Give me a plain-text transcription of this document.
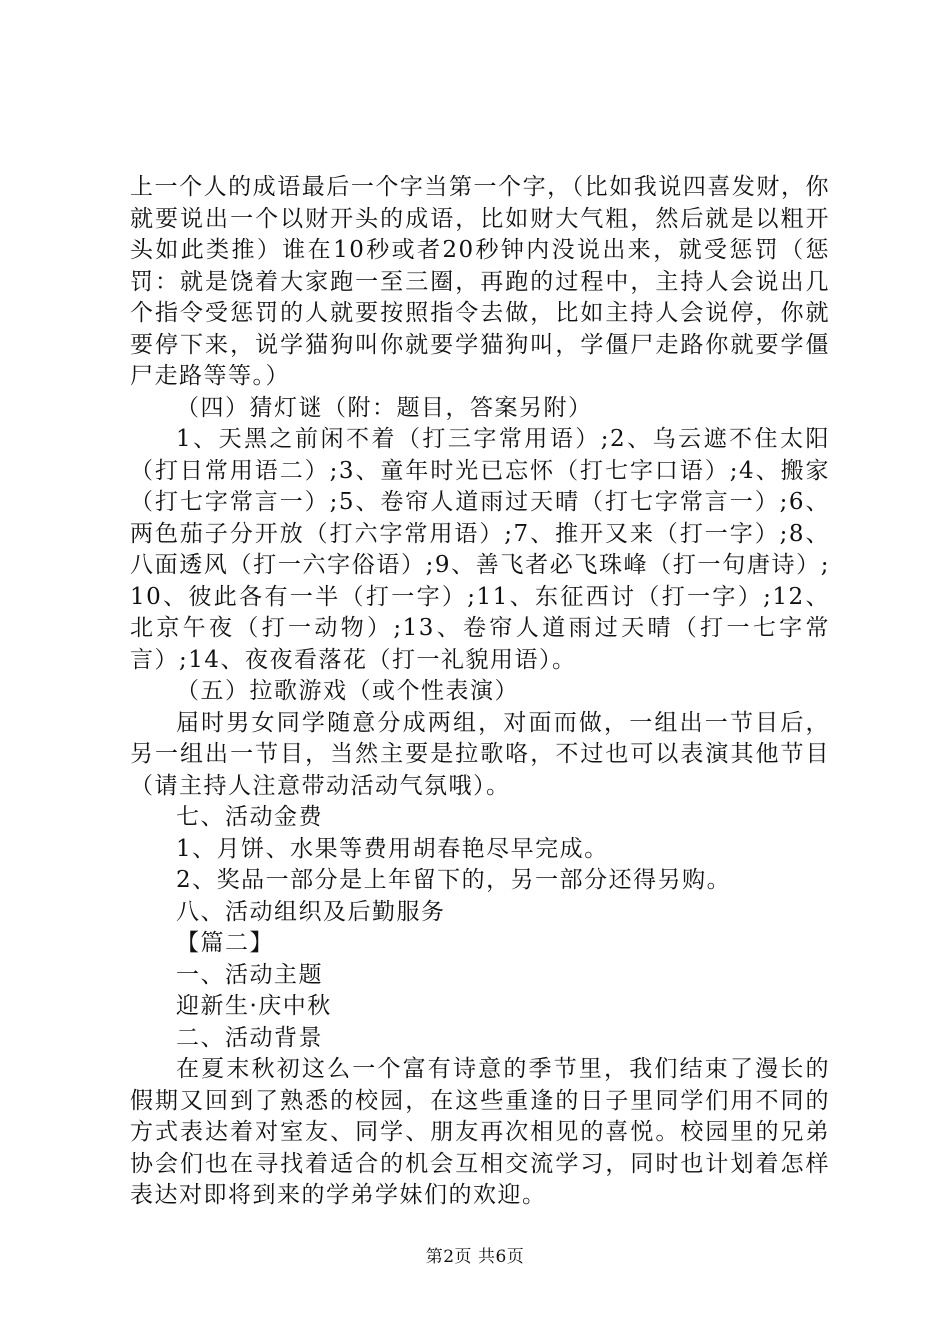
上一个人的成语最后一个字当第一个字，（比如我说四喜发财，你就要说出一个以财开头的成语，比如财大气粗，然后就是以粗开头如此类推）谁在10秒或者20秒钟内没说出来，就受惩罚（惩罚：就是饶着大家跑一至三圈，再跑的过程中，主持人会说出几个指令受惩罚的人就要按照指令去做，比如主持人会说停，你就要停下来，说学猫狗叫你就要学猫狗叫，学僵尸走路你就要学僵尸走路等等。）

（四）猜灯谜（附：题目，答案另附）

1、天黑之前闲不着（打三字常用语）;2、乌云遮不住太阳（打日常用语二）;3、童年时光已忘怀（打七字口语）;4、搬家（打七字常言一）;5、卷帘人道雨过天晴（打七字常言一）;6、两色茄子分开放（打六字常用语）;7、推开又来（打一字）;8、八面透风（打一六字俗语）;9、善飞者必飞珠峰（打一句唐诗）;10、彼此各有一半（打一字）;11、东征西讨（打一字）;12、北京午夜（打一动物）;13、卷帘人道雨过天晴（打一七字常言）;14、夜夜看落花（打一礼貌用语）。

（五）拉歌游戏（或个性表演）

届时男女同学随意分成两组，对面而做，一组出一节目后，另一组出一节目，当然主要是拉歌咯，不过也可以表演其他节目（请主持人注意带动活动气氛哦）。

七、活动金费

1、月饼、水果等费用胡春艳尽早完成。

2、奖品一部分是上年留下的，另一部分还得另购。

八、活动组织及后勤服务

【篇二】

一、活动主题

迎新生·庆中秋

二、活动背景

在夏末秋初这么一个富有诗意的季节里，我们结束了漫长的假期又回到了熟悉的校园，在这些重逢的日子里同学们用不同的方式表达着对室友、同学、朋友再次相见的喜悦。校园里的兄弟协会们也在寻找着适合的机会互相交流学习，同时也计划着怎样表达对即将到来的学弟学妹们的欢迎。

第2页 共6页
